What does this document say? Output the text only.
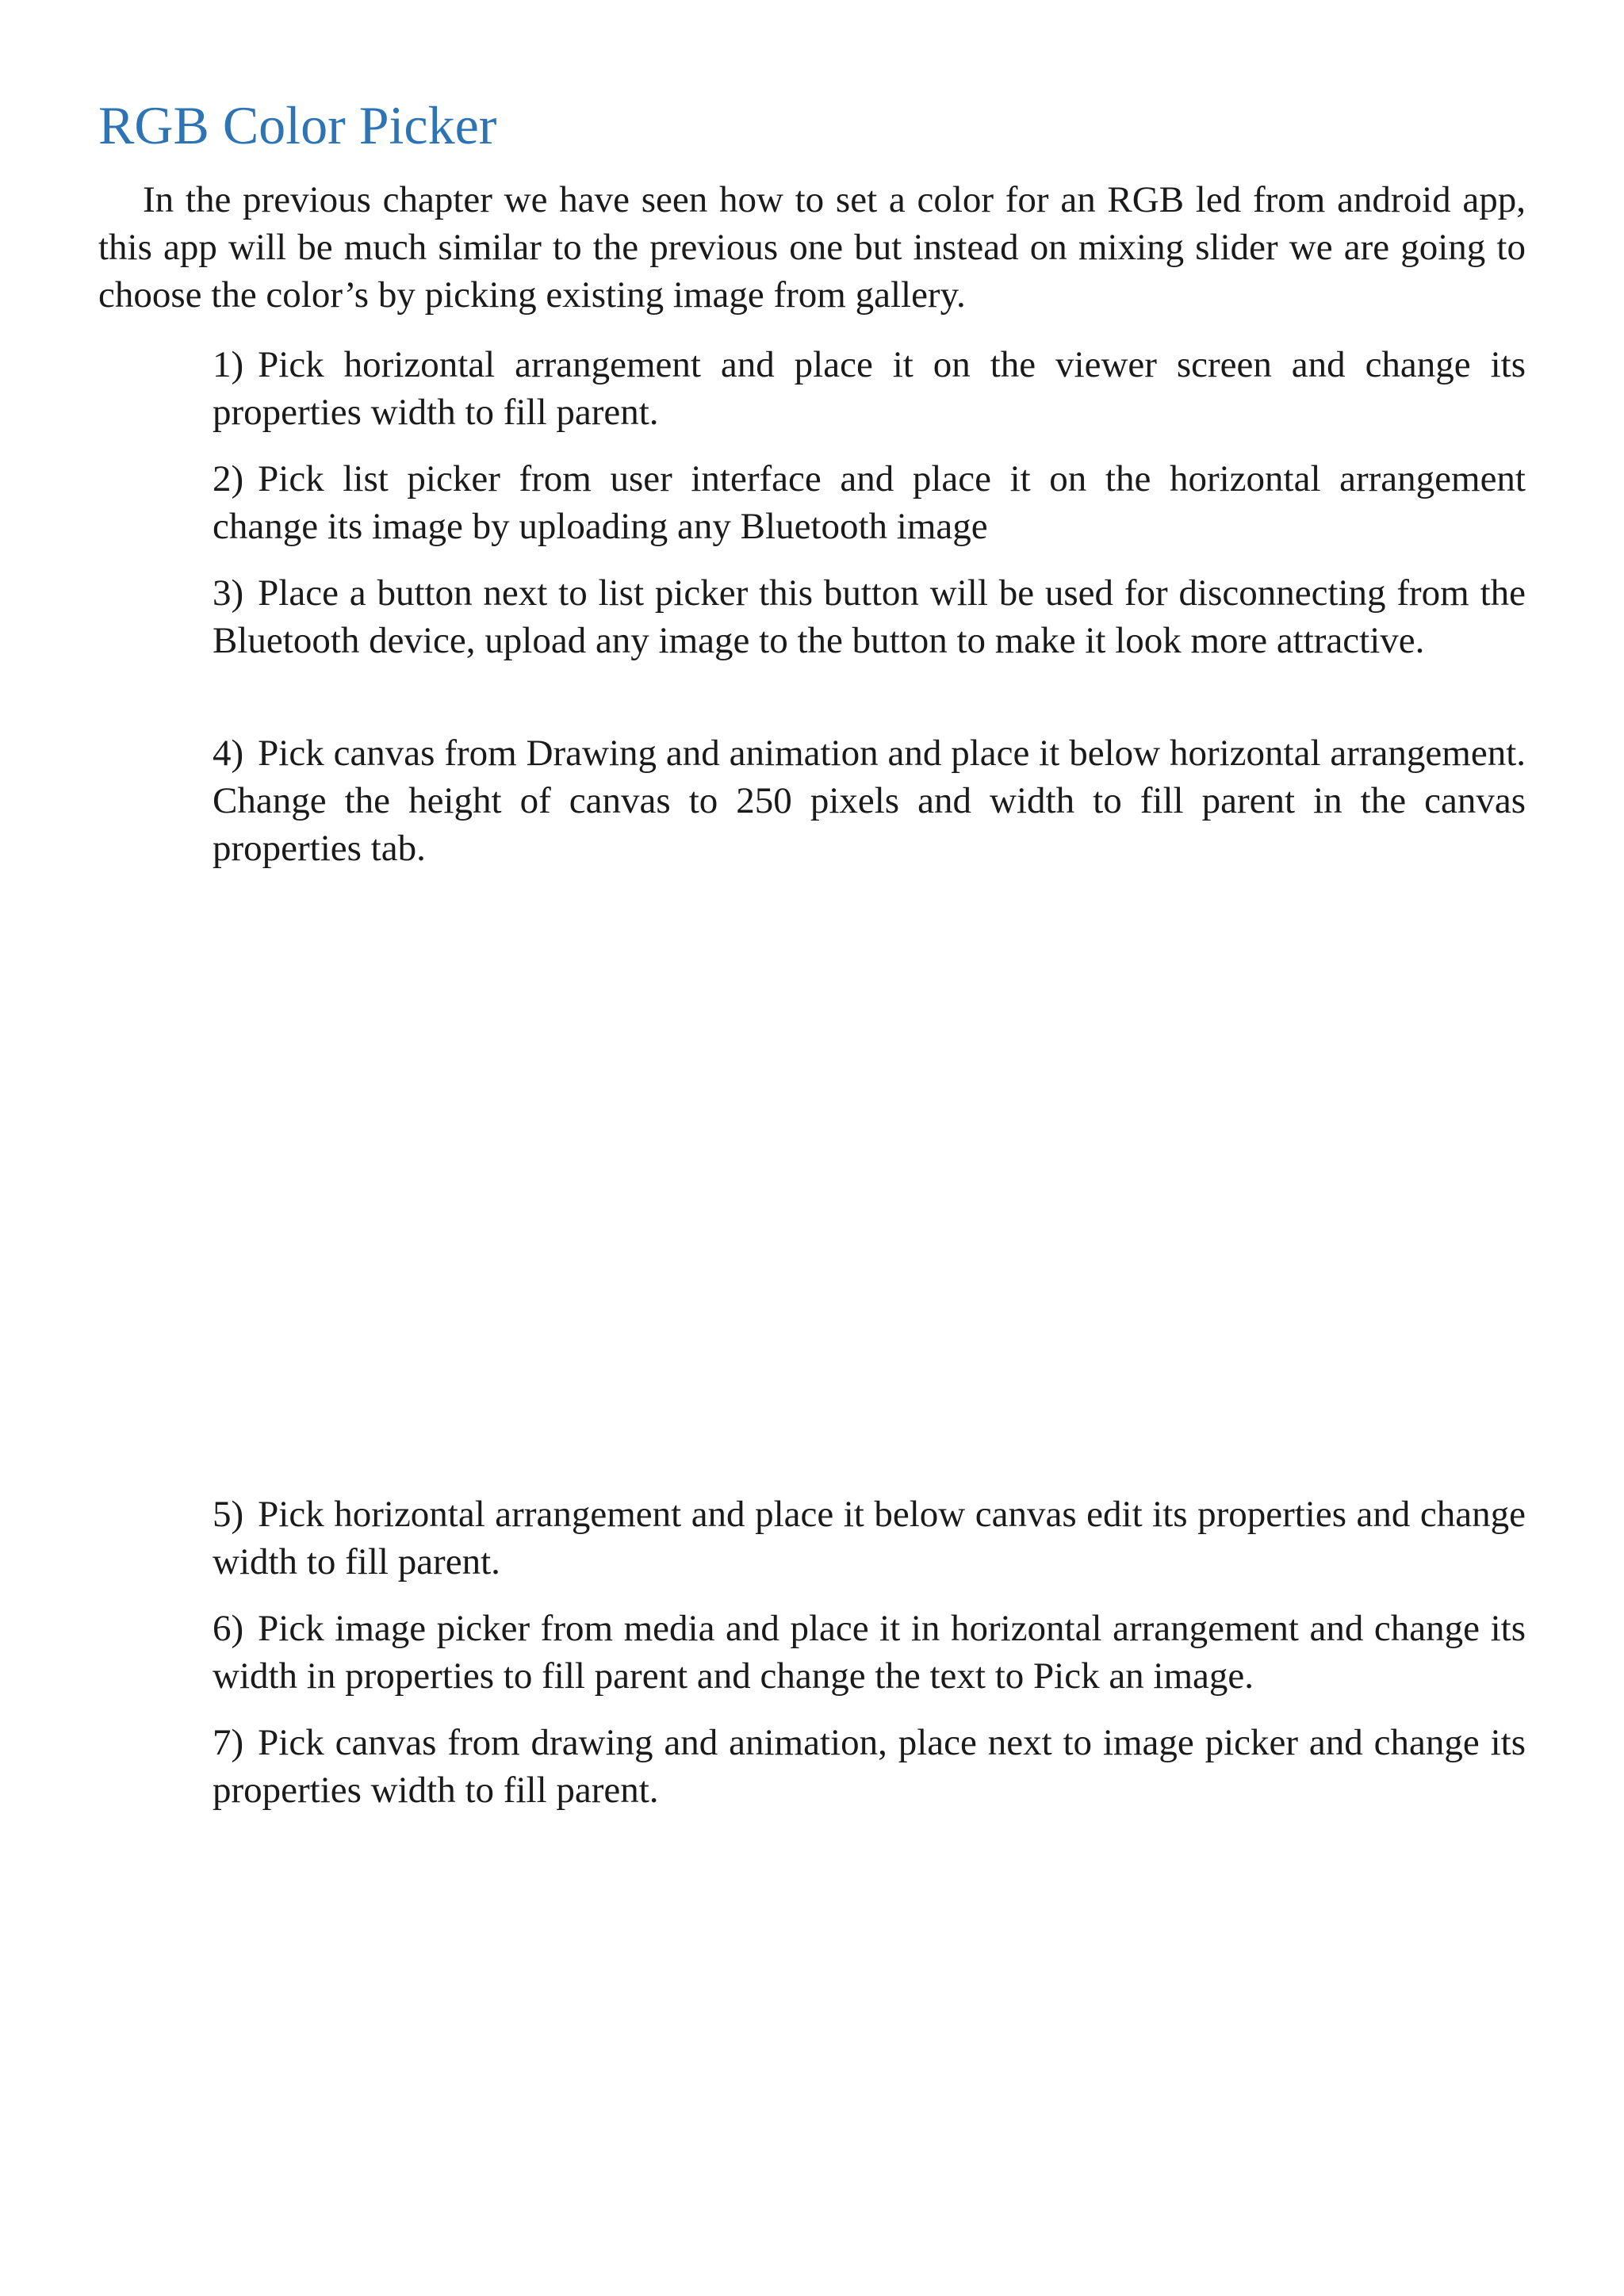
RGB Color Picker

In the previous chapter we have seen how to set a color for an RGB led from android app, this app will be much similar to the previous one but instead on mixing slider we are going to choose the color’s by picking existing image from gallery.

1) Pick horizontal arrangement and place it on the viewer screen and change its properties width to fill parent.

2) Pick list picker from user interface and place it on the horizontal arrangement change its image by uploading any Bluetooth image

3) Place a button next to list picker this button will be used for disconnecting from the Bluetooth device, upload any image to the button to make it look more attractive.

4) Pick canvas from Drawing and animation and place it below horizontal arrangement. Change the height of canvas to 250 pixels and width to fill parent in the canvas properties tab.

5) Pick horizontal arrangement and place it below canvas edit its properties and change width to fill parent.

6) Pick image picker from media and place it in horizontal arrangement and change its width in properties to fill parent and change the text to Pick an image.

7) Pick canvas from drawing and animation, place next to image picker and change its properties width to fill parent.
